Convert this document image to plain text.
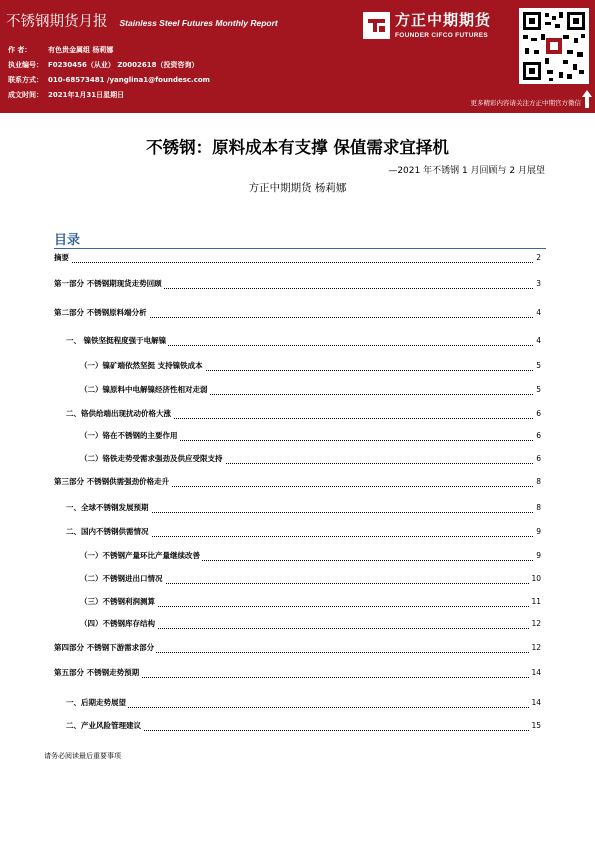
不锈钢期货月报 Stainless Steel Futures Monthly Report
作 者： 有色贵金属组 杨莉娜
执业编号： F0230456（从业） Z0002618（投资咨询）
联系方式： 010-68573481 /yanglina1@foundesc.com
成文时间： 2021年1月31日星期日
方正中期期货
FOUNDER CIFCO FUTURES
更多精彩内容请关注方正中期官方微信
不锈钢：原料成本有支撑 保值需求宜择机
—2021 年不锈钢 1 月回顾与 2 月展望
方正中期期货 杨莉娜
目录
摘要	2
第一部分 不锈钢期现货走势回顾	3
第二部分 不锈钢原料端分析	4
一、 镍铁坚挺程度强于电解镍	4
（一）镍矿端依然坚挺 支持镍铁成本	5
（二）镍原料中电解镍经济性相对走弱	5
二、铬供给端出现扰动价格大涨	6
（一）铬在不锈钢的主要作用	6
（二）铬铁走势受需求强劲及供应受限支持	6
第三部分 不锈钢供需强劲价格走升	8
一、全球不锈钢发展预期	8
二、国内不锈钢供需情况	9
（一）不锈钢产量环比产量继续改善	9
（二）不锈钢进出口情况	10
（三）不锈钢利润测算	11
（四）不锈钢库存结构	12
第四部分 不锈钢下游需求部分	12
第五部分 不锈钢走势预期	14
一、后期走势展望	14
二、产业风险管理建议	15
请务必阅读最后重要事项
